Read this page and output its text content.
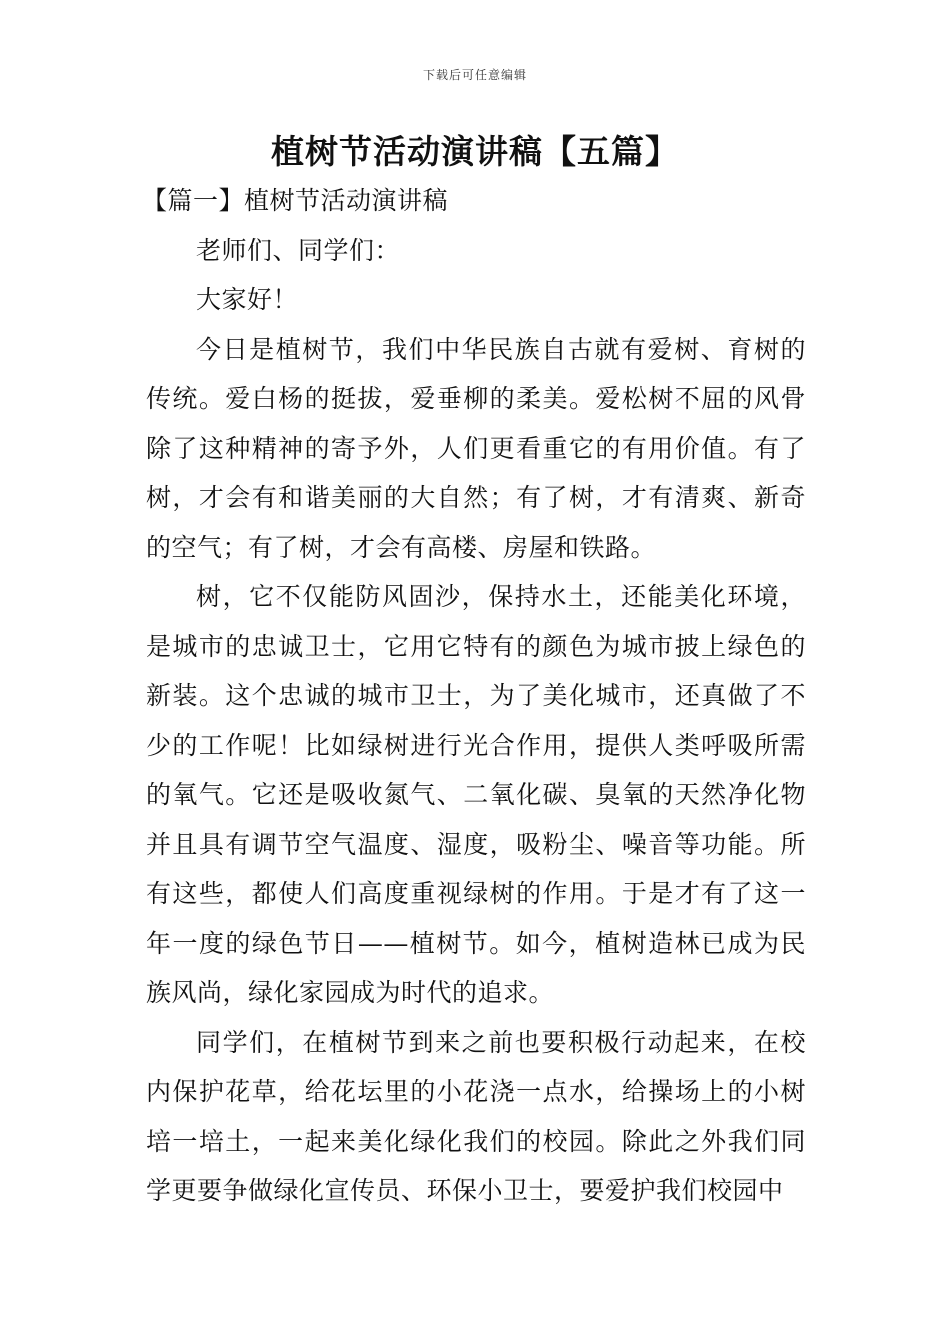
下载后可任意编辑
植树节活动演讲稿【五篇】

【篇一】植树节活动演讲稿

老师们、同学们：

大家好！

今日是植树节，我们中华民族自古就有爱树、育树的传统。爱白杨的挺拔，爱垂柳的柔美。爱松树不屈的风骨除了这种精神的寄予外，人们更看重它的有用价值。有了树，才会有和谐美丽的大自然；有了树，才有清爽、新奇的空气；有了树，才会有高楼、房屋和铁路。

树，它不仅能防风固沙，保持水土，还能美化环境，是城市的忠诚卫士，它用它特有的颜色为城市披上绿色的新装。这个忠诚的城市卫士，为了美化城市，还真做了不少的工作呢！比如绿树进行光合作用，提供人类呼吸所需的氧气。它还是吸收氮气、二氧化碳、臭氧的天然净化物并且具有调节空气温度、湿度，吸粉尘、噪音等功能。所有这些，都使人们高度重视绿树的作用。于是才有了这一年一度的绿色节日——植树节。如今，植树造林已成为民族风尚，绿化家园成为时代的追求。

同学们，在植树节到来之前也要积极行动起来，在校内保护花草，给花坛里的小花浇一点水，给操场上的小树培一培土，一起来美化绿化我们的校园。除此之外我们同学更要争做绿化宣传员、环保小卫士，要爱护我们校园中
